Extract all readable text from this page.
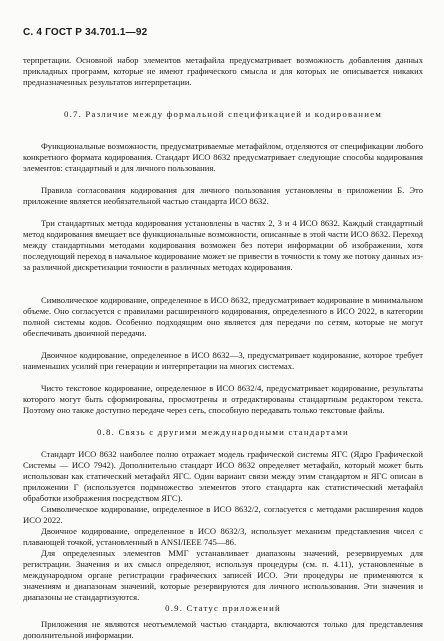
С. 4 ГОСТ Р 34.701.1—92

терпретации. Основной набор элементов метафайла предусматривает возможность добавления данных прикладных программ, которые не имеют графического смысла и для которых не описывается никаких предназначенных результатов интерпретации.

0.7. Различие между формальной спецификацией и кодированием

Функциональные возможности, предусматриваемые метафайлом, отделяются от спецификации любого конкретного формата кодирования. Стандарт ИСО 8632 предусматривает следующие способы кодирования элементов: стандартный и для личного пользования.

Правила согласования кодирования для личного пользования установлены в приложении Б. Это приложение является необязательной частью стандарта ИСО 8632.

Три стандартных метода кодирования установлены в частях 2, 3 и 4 ИСО 8632. Каждый стандартный метод кодирования вмещает все функциональные возможности, описанные в этой части ИСО 8632. Переход между стандартными методами кодирования возможен без потери информации об изображении, хотя последующий переход в начальное кодирование может не привести в точности к тому же потоку данных из-за различной дискретизации точности в различных методах кодирования.

Символическое кодирование, определенное в ИСО 8632, предусматривает кодирование в минимальном объеме. Оно согласуется с правилами расширенного кодирования, определенного в ИСО 2022, в категории полной системы кодов. Особенно подходящим оно является для передачи по сетям, которые не могут обеспечивать двоичной передачи.

Двоичное кодирование, определенное в ИСО 8632—3, предусматривает кодирование, которое требует наименьших усилий при генерации и интерпретации на многих системах.

Чисто текстовое кодирование, определенное в ИСО 8632/4, предусматривает кодирование, результаты которого могут быть сформированы, просмотрены и отредактированы стандартным редактором текста. Поэтому оно также доступно передаче через сеть, способную передавать только текстовые файлы.

0.8. Связь с другими международными стандартами

Стандарт ИСО 8632 наиболее полно отражает модель графической системы ЯГС (Ядро Графической Системы — ИСО 7942). Дополнительно стандарт ИСО 8632 определяет метафайл, который может быть использован как статический метафайл ЯГС. Один вариант связи между этим стандартом и ЯГС описан в приложении Г (используется подмножество элементов этого стандарта как статистический метафайл обработки изображения посредством ЯГС).

Символическое кодирование, определенное в ИСО 8632/2, согласуется с методами расширения кодов ИСО 2022.

Двоичное кодирование, определенное в ИСО 8632/3, использует механизм представления чисел с плавающей точкой, установленный в ANSI/IEEE 745—86.

Для определенных элементов ММГ устанавливает диапазоны значений, резервируемых для регистрации. Значения и их смысл определяют, используя процедуры (см. п. 4.11), установленные в международном органе регистрации графических записей ИСО. Эти процедуры не применяются к значениям и диапазонам значений, которые резервируются для личного использования. Эти значения и диапазоны не стандартизуются.

0.9. Статус приложений

Приложения не являются неотъемлемой частью стандарта, включаются только для представления дополнительной информации.
